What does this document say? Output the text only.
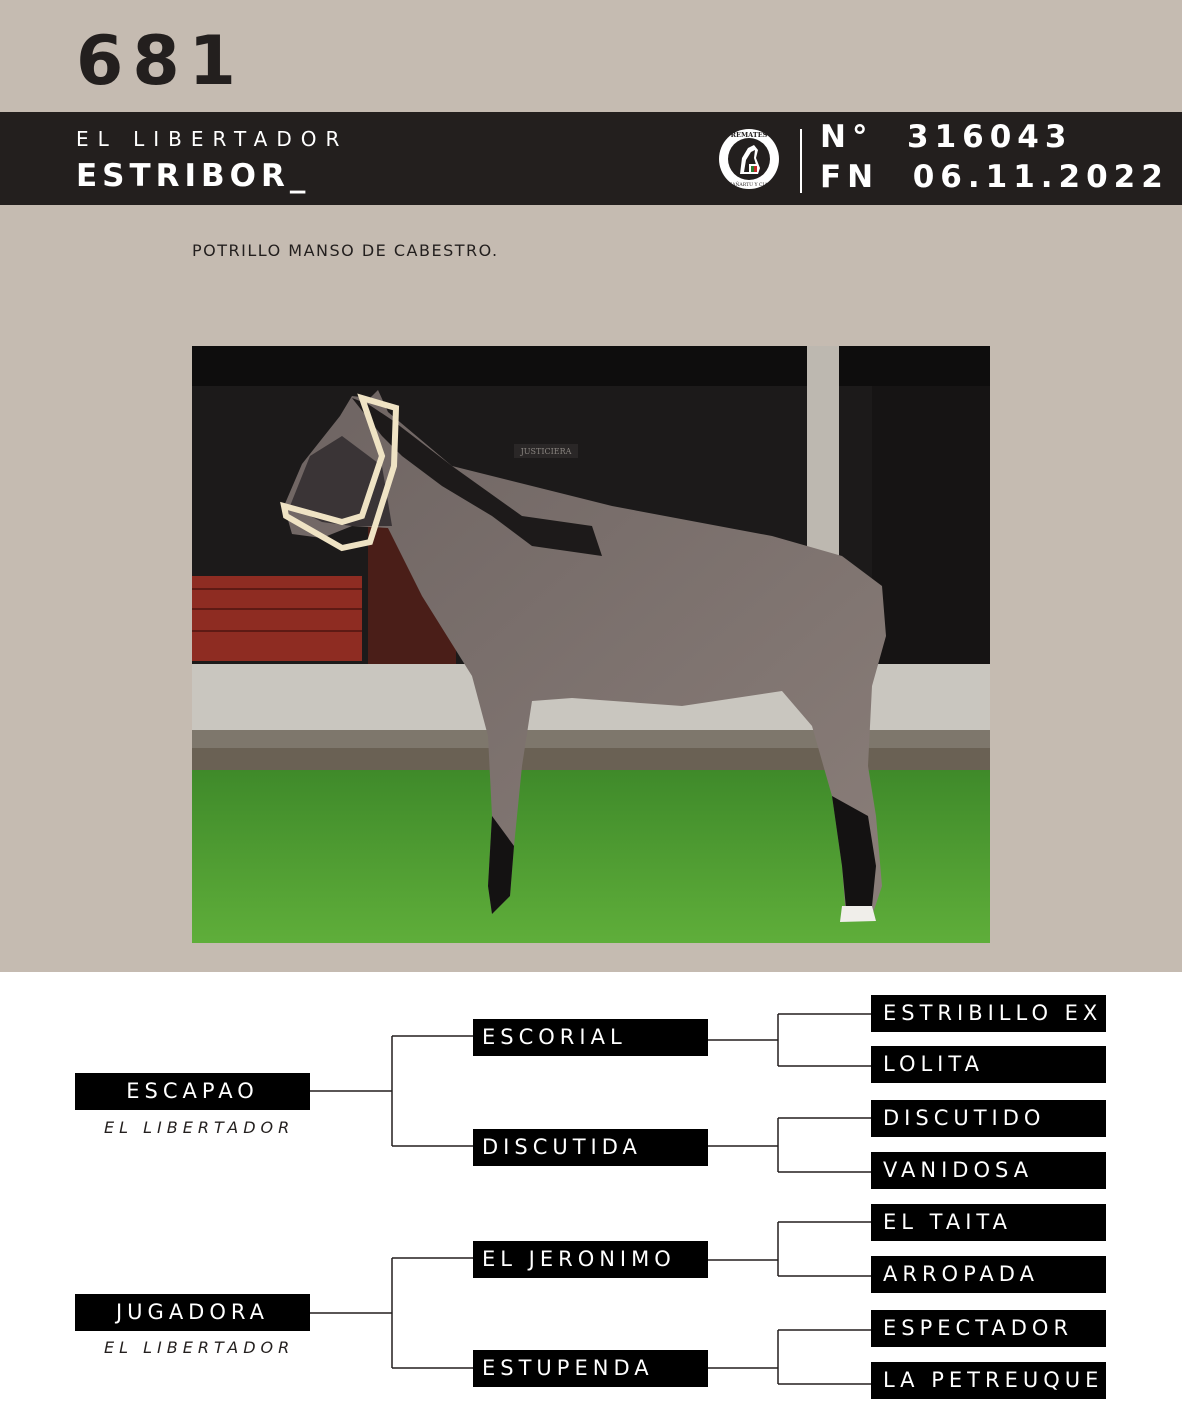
681
EL LIBERTADOR
ESTRIBOR_
REMATES
ZAÑARTU Y CIA.
N°  316043
FN  06.11.2022
POTRILLO MANSO DE CABESTRO.
JUSTICIERA
ESCAPAO
EL LIBERTADOR
JUGADORA
EL LIBERTADOR
ESCORIAL
DISCUTIDA
EL JERONIMO
ESTUPENDA
ESTRIBILLO EX R
LOLITA
DISCUTIDO
VANIDOSA
EL TAITA
ARROPADA
ESPECTADOR
LA PETREUQUE
